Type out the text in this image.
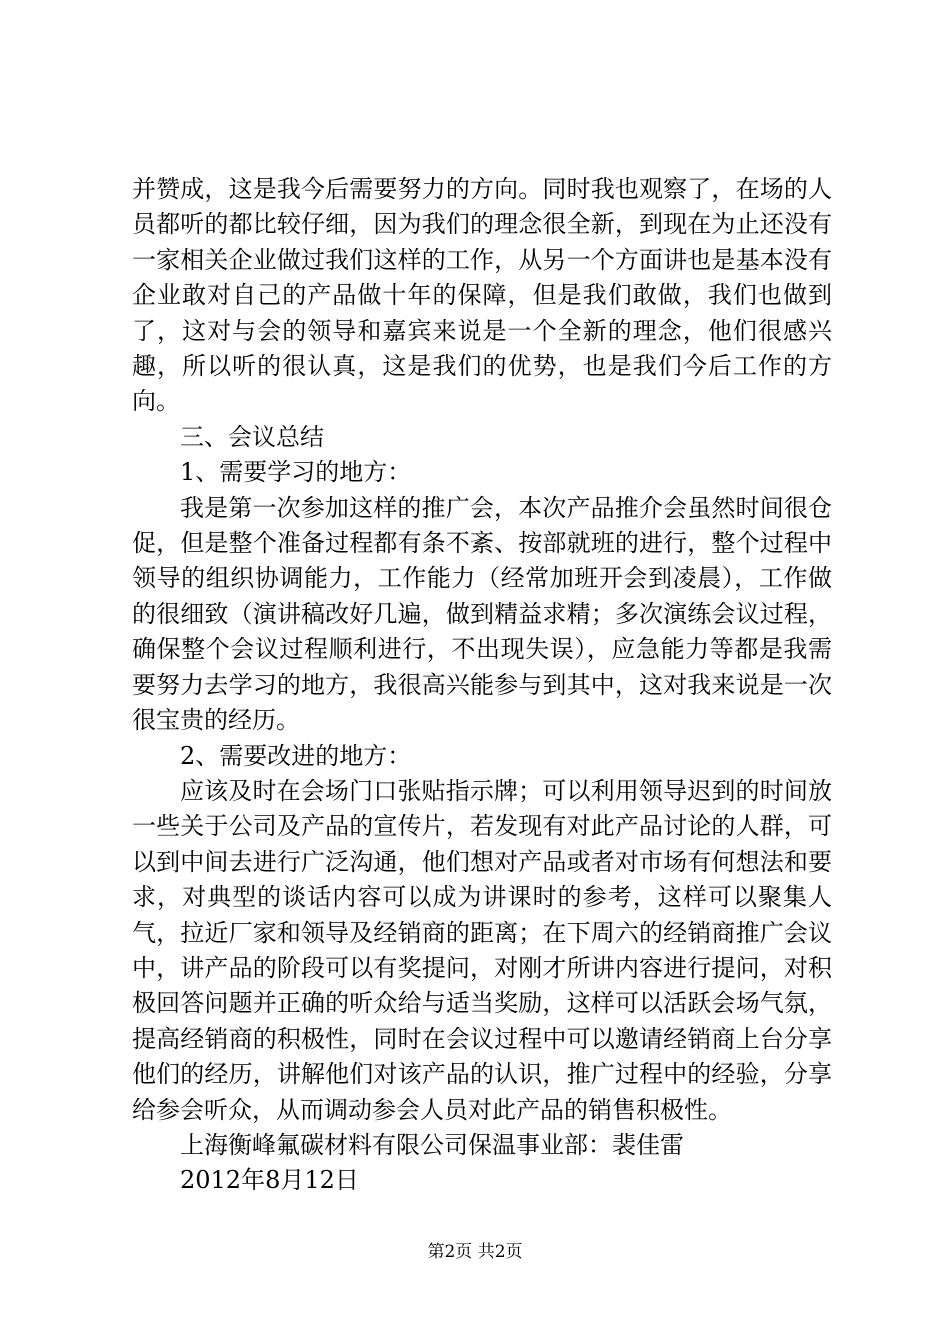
并赞成，这是我今后需要努力的方向。同时我也观察了，在场的人员都听的都比较仔细，因为我们的理念很全新，到现在为止还没有一家相关企业做过我们这样的工作，从另一个方面讲也是基本没有企业敢对自己的产品做十年的保障，但是我们敢做，我们也做到了，这对与会的领导和嘉宾来说是一个全新的理念，他们很感兴趣，所以听的很认真，这是我们的优势，也是我们今后工作的方向。

三、会议总结

1、需要学习的地方：

我是第一次参加这样的推广会，本次产品推介会虽然时间很仓促，但是整个准备过程都有条不紊、按部就班的进行，整个过程中领导的组织协调能力，工作能力（经常加班开会到凌晨），工作做的很细致（演讲稿改好几遍，做到精益求精；多次演练会议过程，确保整个会议过程顺利进行，不出现失误），应急能力等都是我需要努力去学习的地方，我很高兴能参与到其中，这对我来说是一次很宝贵的经历。

2、需要改进的地方：

应该及时在会场门口张贴指示牌；可以利用领导迟到的时间放一些关于公司及产品的宣传片，若发现有对此产品讨论的人群，可以到中间去进行广泛沟通，他们想对产品或者对市场有何想法和要求，对典型的谈话内容可以成为讲课时的参考，这样可以聚集人气，拉近厂家和领导及经销商的距离；在下周六的经销商推广会议中，讲产品的阶段可以有奖提问，对刚才所讲内容进行提问，对积极回答问题并正确的听众给与适当奖励，这样可以活跃会场气氛，提高经销商的积极性，同时在会议过程中可以邀请经销商上台分享他们的经历，讲解他们对该产品的认识，推广过程中的经验，分享给参会听众，从而调动参会人员对此产品的销售积极性。

上海衡峰氟碳材料有限公司保温事业部：裴佳雷

2012年8月12日

第2页 共2页
